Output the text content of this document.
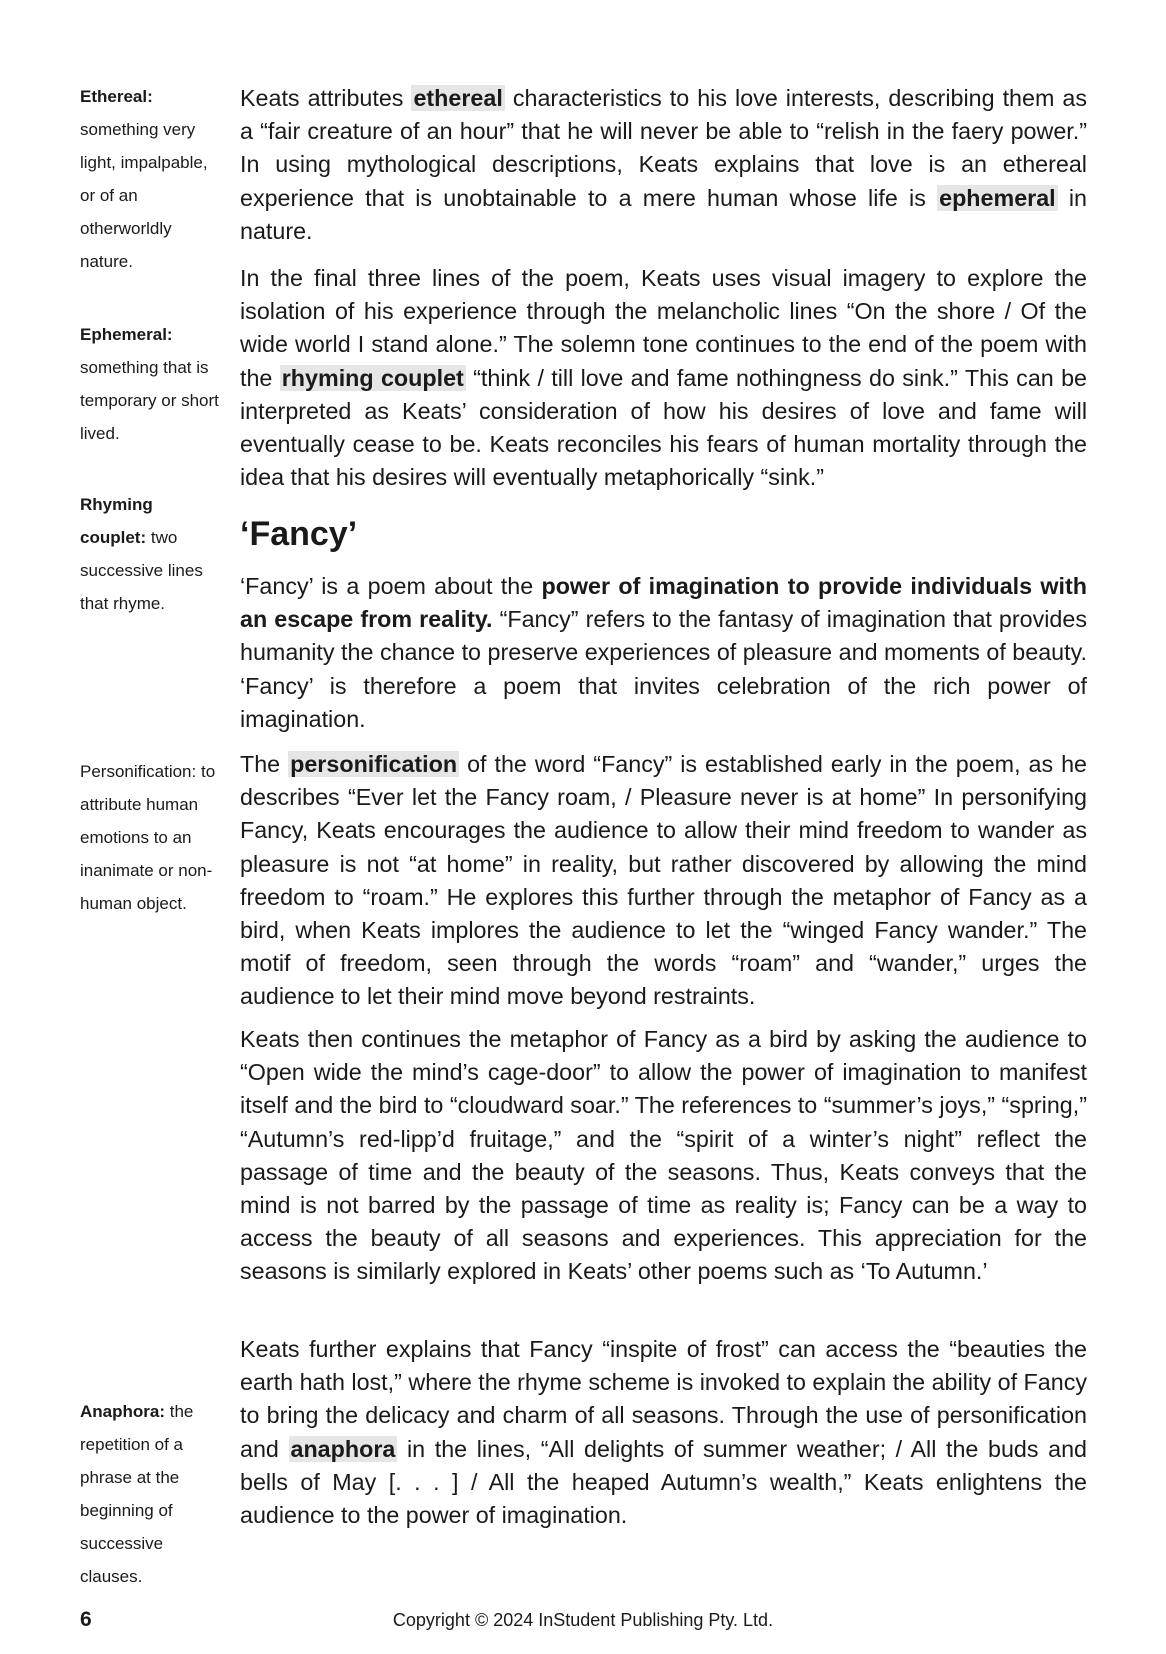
Ethereal: something very light, impalpable, or of an otherworldly nature.
Ephemeral: something that is temporary or short lived.
Rhyming couplet: two successive lines that rhyme.
Personification: to attribute human emotions to an inanimate or non-human object.
Anaphora: the repetition of a phrase at the beginning of successive clauses.

Keats attributes ethereal characteristics to his love interests, describing them as a “fair creature of an hour” that he will never be able to “relish in the faery power.” In using mythological descriptions, Keats explains that love is an ethereal experience that is unobtainable to a mere human whose life is ephemeral in nature.

In the final three lines of the poem, Keats uses visual imagery to explore the isolation of his experience through the melancholic lines “On the shore / Of the wide world I stand alone.” The solemn tone continues to the end of the poem with the rhyming couplet “think / till love and fame nothingness do sink.” This can be interpreted as Keats’ consideration of how his desires of love and fame will eventually cease to be. Keats reconciles his fears of human mortality through the idea that his desires will eventually metaphorically “sink.”

‘Fancy’

‘Fancy’ is a poem about the power of imagination to provide individuals with an escape from reality. “Fancy” refers to the fantasy of imagination that provides humanity the chance to preserve experiences of pleasure and moments of beauty. ‘Fancy’ is therefore a poem that invites celebration of the rich power of imagination.

The personification of the word “Fancy” is established early in the poem, as he describes “Ever let the Fancy roam, / Pleasure never is at home” In personifying Fancy, Keats encourages the audience to allow their mind freedom to wander as pleasure is not “at home” in reality, but rather discovered by allowing the mind freedom to “roam.” He explores this further through the metaphor of Fancy as a bird, when Keats implores the audience to let the “winged Fancy wander.” The motif of freedom, seen through the words “roam” and “wander,” urges the audience to let their mind move beyond restraints.

Keats then continues the metaphor of Fancy as a bird by asking the audience to “Open wide the mind’s cage-door” to allow the power of imagination to manifest itself and the bird to “cloudward soar.” The references to “summer’s joys,” “spring,” “Autumn’s red-lipp’d fruitage,” and the “spirit of a winter’s night” reflect the passage of time and the beauty of the seasons. Thus, Keats conveys that the mind is not barred by the passage of time as reality is; Fancy can be a way to access the beauty of all seasons and experiences. This appreciation for the seasons is similarly explored in Keats’ other poems such as ‘To Autumn.’

Keats further explains that Fancy “inspite of frost” can access the “beauties the earth hath lost,” where the rhyme scheme is invoked to explain the ability of Fancy to bring the delicacy and charm of all seasons. Through the use of personification and anaphora in the lines, “All delights of summer weather; / All the buds and bells of May [. . . ] / All the heaped Autumn’s wealth,” Keats enlightens the audience to the power of imagination.

6	Copyright © 2024 InStudent Publishing Pty. Ltd.
